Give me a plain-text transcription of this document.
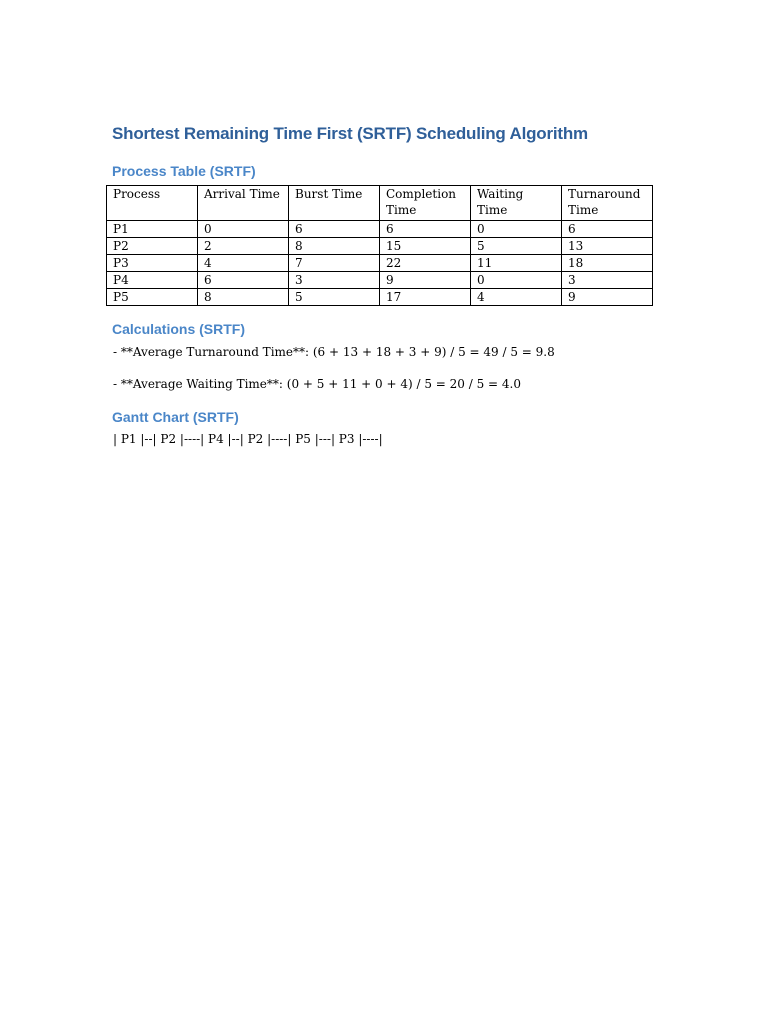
Shortest Remaining Time First (SRTF) Scheduling Algorithm
Process Table (SRTF)
Process	Arrival Time	Burst Time	Completion Time	Waiting Time	Turnaround Time
P1	0	6	6	0	6
P2	2	8	15	5	13
P3	4	7	22	11	18
P4	6	3	9	0	3
P5	8	5	17	4	9
Calculations (SRTF)
- **Average Turnaround Time**: (6 + 13 + 18 + 3 + 9) / 5 = 49 / 5 = 9.8
- **Average Waiting Time**: (0 + 5 + 11 + 0 + 4) / 5 = 20 / 5 = 4.0
Gantt Chart (SRTF)
| P1 |--| P2 |----| P4 |--| P2 |----| P5 |---| P3 |----|
